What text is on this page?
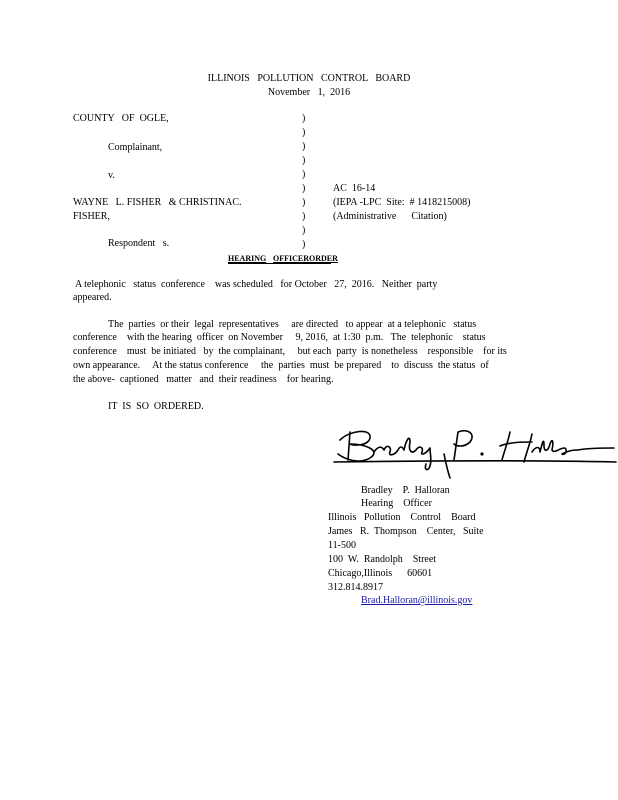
ILLINOIS   POLLUTION   CONTROL   BOARD
November   1,  2016
COUNTY   OF  OGLE,
Complainant,
v.
WAYNE   L. FISHER   & CHRISTINAC.
FISHER,
Respondent   s.
)
)
)
)
)
)
)
)
)
)
AC  16-14
(IEPA -LPC  Site:  # 1418215008)
(Administrative      Citation)
HEARING OFFICERORDER
A telephonic   status  conference    was scheduled   for October   27,  2016.   Neither  party
appeared.
The  parties  or their  legal  representatives     are directed   to appear  at a telephonic   status
conference    with the hearing  officer  on November     9, 2016,  at 1:30  p.m.   The  telephonic    status
conference    must  be initiated   by  the complainant,     but each  party  is nonetheless    responsible    for its
own appearance.     At the status conference     the  parties  must  be prepared    to  discuss  the status  of
the above-  captioned   matter   and  their readiness    for hearing.
IT  IS  SO  ORDERED.
Bradley    P.  Halloran
Hearing    Officer
Illinois   Pollution    Control    Board
James   R.  Thompson    Center,   Suite
11-500
100  W.  Randolph    Street
Chicago,Illinois      60601
312.814.8917
Brad.Halloran@illinois.gov
